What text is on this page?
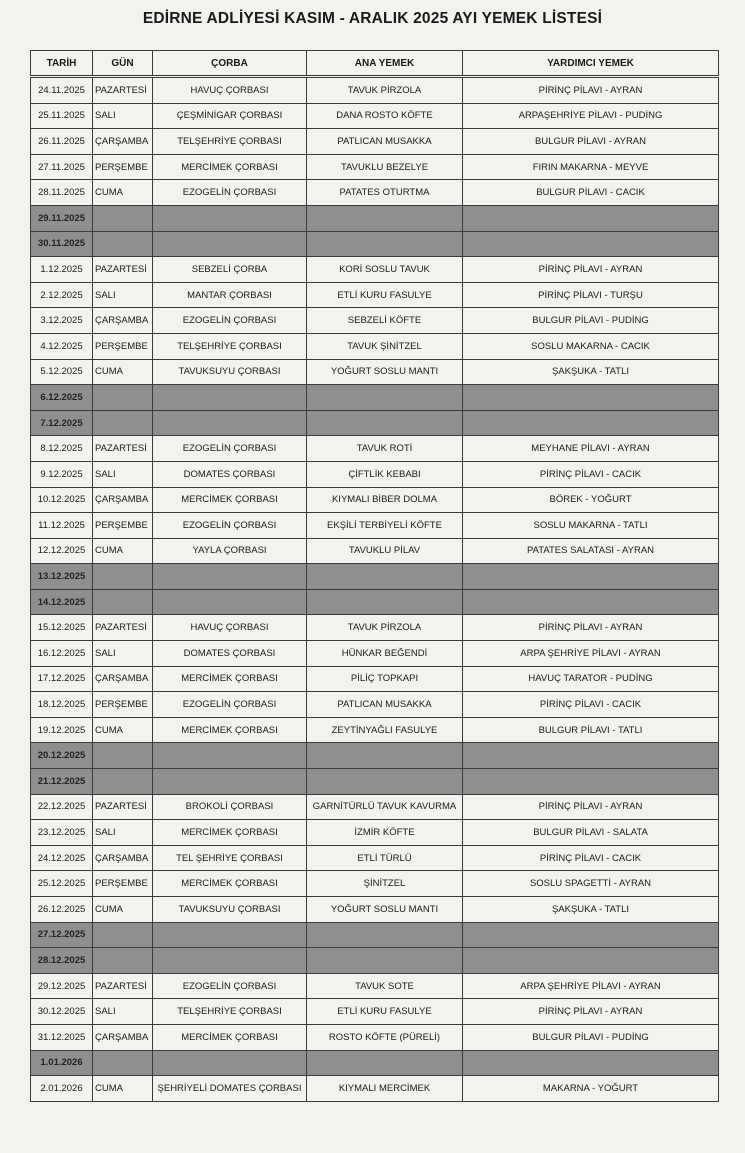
EDİRNE ADLİYESİ KASIM - ARALIK 2025 AYI YEMEK LİSTESİ
TARİH	GÜN	ÇORBA	ANA YEMEK	YARDIMCI YEMEK
24.11.2025	PAZARTESİ	HAVUÇ ÇORBASI	TAVUK PİRZOLA	PİRİNÇ PİLAVI - AYRAN
25.11.2025	SALI	ÇEŞMİNİGAR ÇORBASI	DANA ROSTO KÖFTE	ARPAŞEHRİYE PİLAVI - PUDİNG
26.11.2025	ÇARŞAMBA	TELŞEHRİYE ÇORBASI	PATLICAN MUSAKKA	BULGUR PİLAVI - AYRAN
27.11.2025	PERŞEMBE	MERCİMEK ÇORBASI	TAVUKLU BEZELYE	FIRIN MAKARNA - MEYVE
28.11.2025	CUMA	EZOGELİN ÇORBASI	PATATES OTURTMA	BULGUR PİLAVI - CACIK
29.11.2025				
30.11.2025				
1.12.2025	PAZARTESİ	SEBZELİ ÇORBA	KORİ SOSLU TAVUK	PİRİNÇ PİLAVI - AYRAN
2.12.2025	SALI	MANTAR ÇORBASI	ETLİ KURU FASULYE	PİRİNÇ PİLAVI - TURŞU
3.12.2025	ÇARŞAMBA	EZOGELİN ÇORBASI	SEBZELİ KÖFTE	BULGUR PİLAVI - PUDİNG
4.12.2025	PERŞEMBE	TELŞEHRİYE ÇORBASI	TAVUK ŞİNİTZEL	SOSLU MAKARNA - CACIK
5.12.2025	CUMA	TAVUKSUYU ÇORBASI	YOĞURT SOSLU MANTI	ŞAKŞUKA - TATLI
6.12.2025				
7.12.2025				
8.12.2025	PAZARTESİ	EZOGELİN ÇORBASI	TAVUK ROTİ	MEYHANE PİLAVI - AYRAN
9.12.2025	SALI	DOMATES ÇORBASI	ÇİFTLİK KEBABI	PİRİNÇ PİLAVI - CACIK
10.12.2025	ÇARŞAMBA	MERCİMEK ÇORBASI	KIYMALI BİBER DOLMA	BÖREK - YOĞURT
11.12.2025	PERŞEMBE	EZOGELİN ÇORBASI	EKŞİLİ TERBİYELİ KÖFTE	SOSLU MAKARNA - TATLI
12.12.2025	CUMA	YAYLA ÇORBASI	TAVUKLU PİLAV	PATATES SALATASI - AYRAN
13.12.2025				
14.12.2025				
15.12.2025	PAZARTESİ	HAVUÇ ÇORBASI	TAVUK PİRZOLA	PİRİNÇ PİLAVI - AYRAN
16.12.2025	SALI	DOMATES ÇORBASI	HÜNKAR BEĞENDİ	ARPA ŞEHRİYE PİLAVI - AYRAN
17.12.2025	ÇARŞAMBA	MERCİMEK ÇORBASI	PİLİÇ TOPKAPI	HAVUÇ TARATOR - PUDİNG
18.12.2025	PERŞEMBE	EZOGELİN ÇORBASI	PATLICAN MUSAKKA	PİRİNÇ PİLAVI - CACIK
19.12.2025	CUMA	MERCİMEK ÇORBASI	ZEYTİNYAĞLI FASULYE	BULGUR PİLAVI - TATLI
20.12.2025				
21.12.2025				
22.12.2025	PAZARTESİ	BROKOLİ ÇORBASI	GARNİTÜRLÜ TAVUK KAVURMA	PİRİNÇ PİLAVI - AYRAN
23.12.2025	SALI	MERCİMEK ÇORBASI	İZMİR KÖFTE	BULGUR PİLAVI - SALATA
24.12.2025	ÇARŞAMBA	TEL ŞEHRİYE ÇORBASI	ETLİ TÜRLÜ	PİRİNÇ PİLAVI - CACIK
25.12.2025	PERŞEMBE	MERCİMEK ÇORBASI	ŞİNİTZEL	SOSLU SPAGETTİ - AYRAN
26.12.2025	CUMA	TAVUKSUYU ÇORBASI	YOĞURT SOSLU MANTI	ŞAKŞUKA - TATLI
27.12.2025				
28.12.2025				
29.12.2025	PAZARTESİ	EZOGELİN ÇORBASI	TAVUK SOTE	ARPA ŞEHRİYE PİLAVI - AYRAN
30.12.2025	SALI	TELŞEHRİYE ÇORBASI	ETLİ KURU FASULYE	PİRİNÇ PİLAVI - AYRAN
31.12.2025	ÇARŞAMBA	MERCİMEK ÇORBASI	ROSTO KÖFTE (PÜRELİ)	BULGUR PİLAVI - PUDİNG
1.01.2026				
2.01.2026	CUMA	ŞEHRİYELİ DOMATES ÇORBASI	KIYMALI MERCİMEK	MAKARNA - YOĞURT
